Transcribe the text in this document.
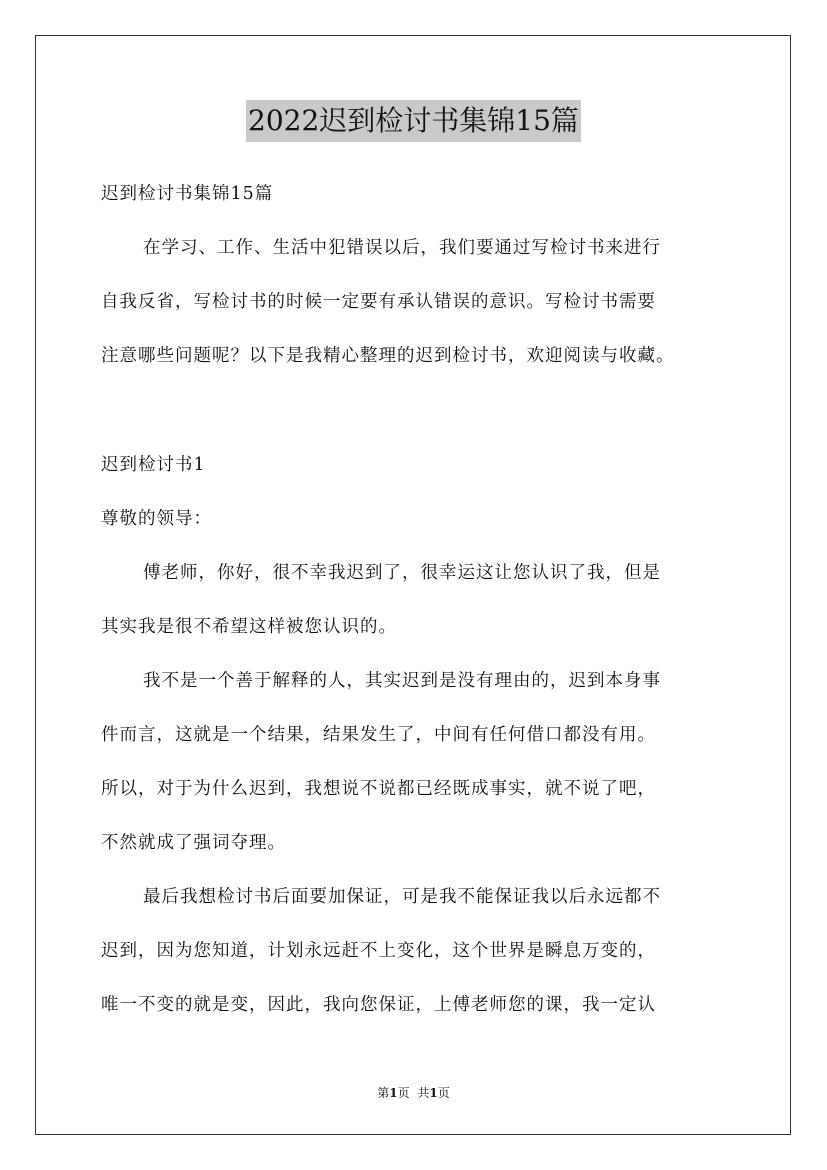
2022迟到检讨书集锦15篇

迟到检讨书集锦15篇

在学习、工作、生活中犯错误以后，我们要通过写检讨书来进行

自我反省，写检讨书的时候一定要有承认错误的意识。写检讨书需要

注意哪些问题呢？以下是我精心整理的迟到检讨书，欢迎阅读与收藏。

迟到检讨书1

尊敬的领导：

傅老师，你好，很不幸我迟到了，很幸运这让您认识了我，但是

其实我是很不希望这样被您认识的。

我不是一个善于解释的人，其实迟到是没有理由的，迟到本身事

件而言，这就是一个结果，结果发生了，中间有任何借口都没有用。

所以，对于为什么迟到，我想说不说都已经既成事实，就不说了吧，

不然就成了强词夺理。

最后我想检讨书后面要加保证，可是我不能保证我以后永远都不

迟到，因为您知道，计划永远赶不上变化，这个世界是瞬息万变的，

唯一不变的就是变，因此，我向您保证，上傅老师您的课，我一定认

第1页 共1页
